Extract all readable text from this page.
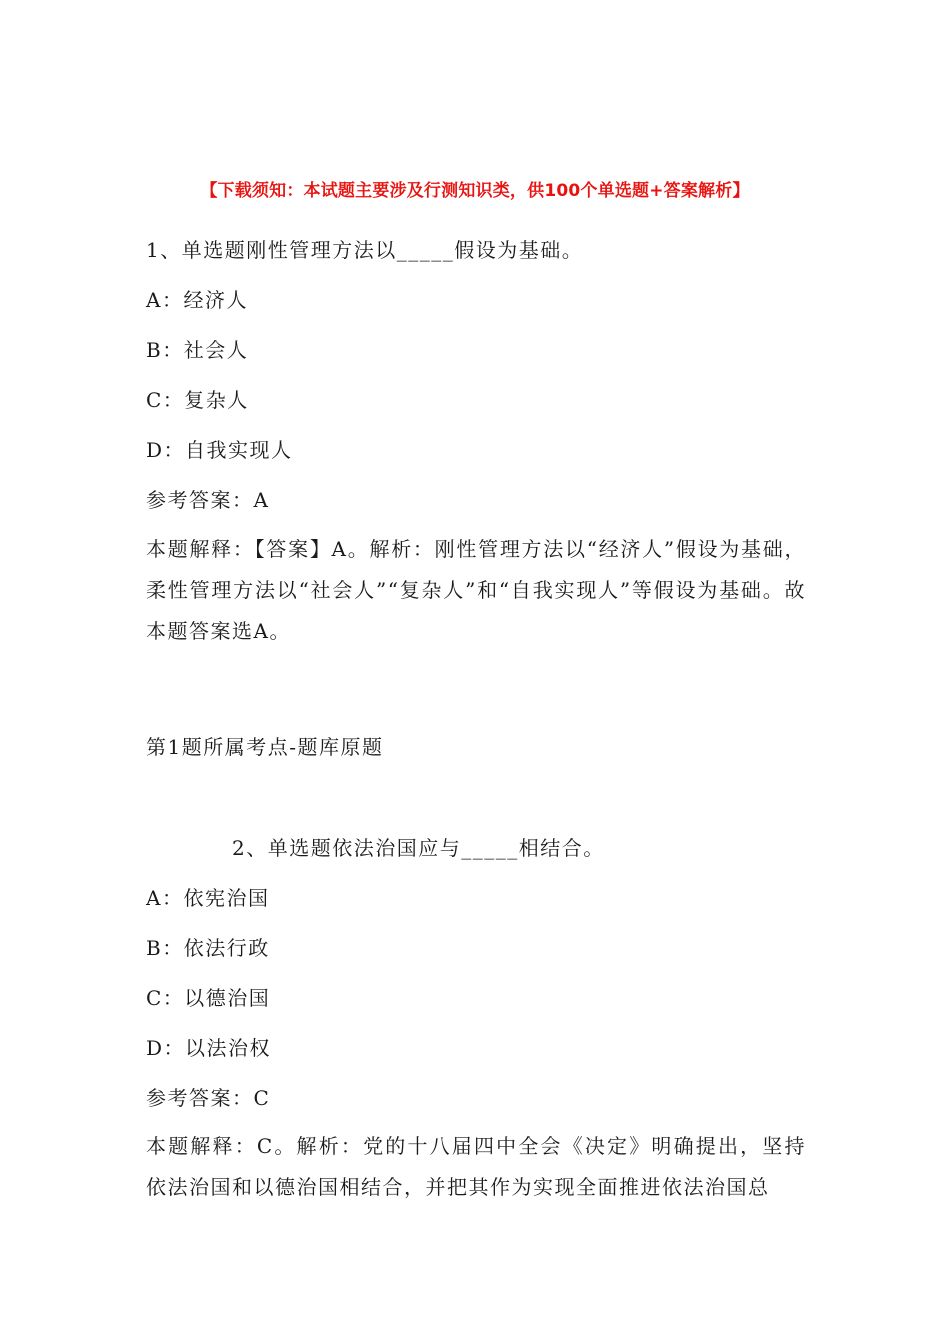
【下载须知：本试题主要涉及行测知识类，供100个单选题+答案解析】
1、单选题刚性管理方法以_____假设为基础。
A：经济人
B：社会人
C：复杂人
D：自我实现人
参考答案：A
本题解释：【答案】A。解析：刚性管理方法以“经济人”假设为基础，柔性管理方法以“社会人”“复杂人”和“自我实现人”等假设为基础。故本题答案选A。
第1题所属考点-题库原题
2、单选题依法治国应与_____相结合。
A：依宪治国
B：依法行政
C：以德治国
D：以法治权
参考答案：C
本题解释：C。解析：党的十八届四中全会《决定》明确提出，坚持依法治国和以德治国相结合，并把其作为实现全面推进依法治国总
